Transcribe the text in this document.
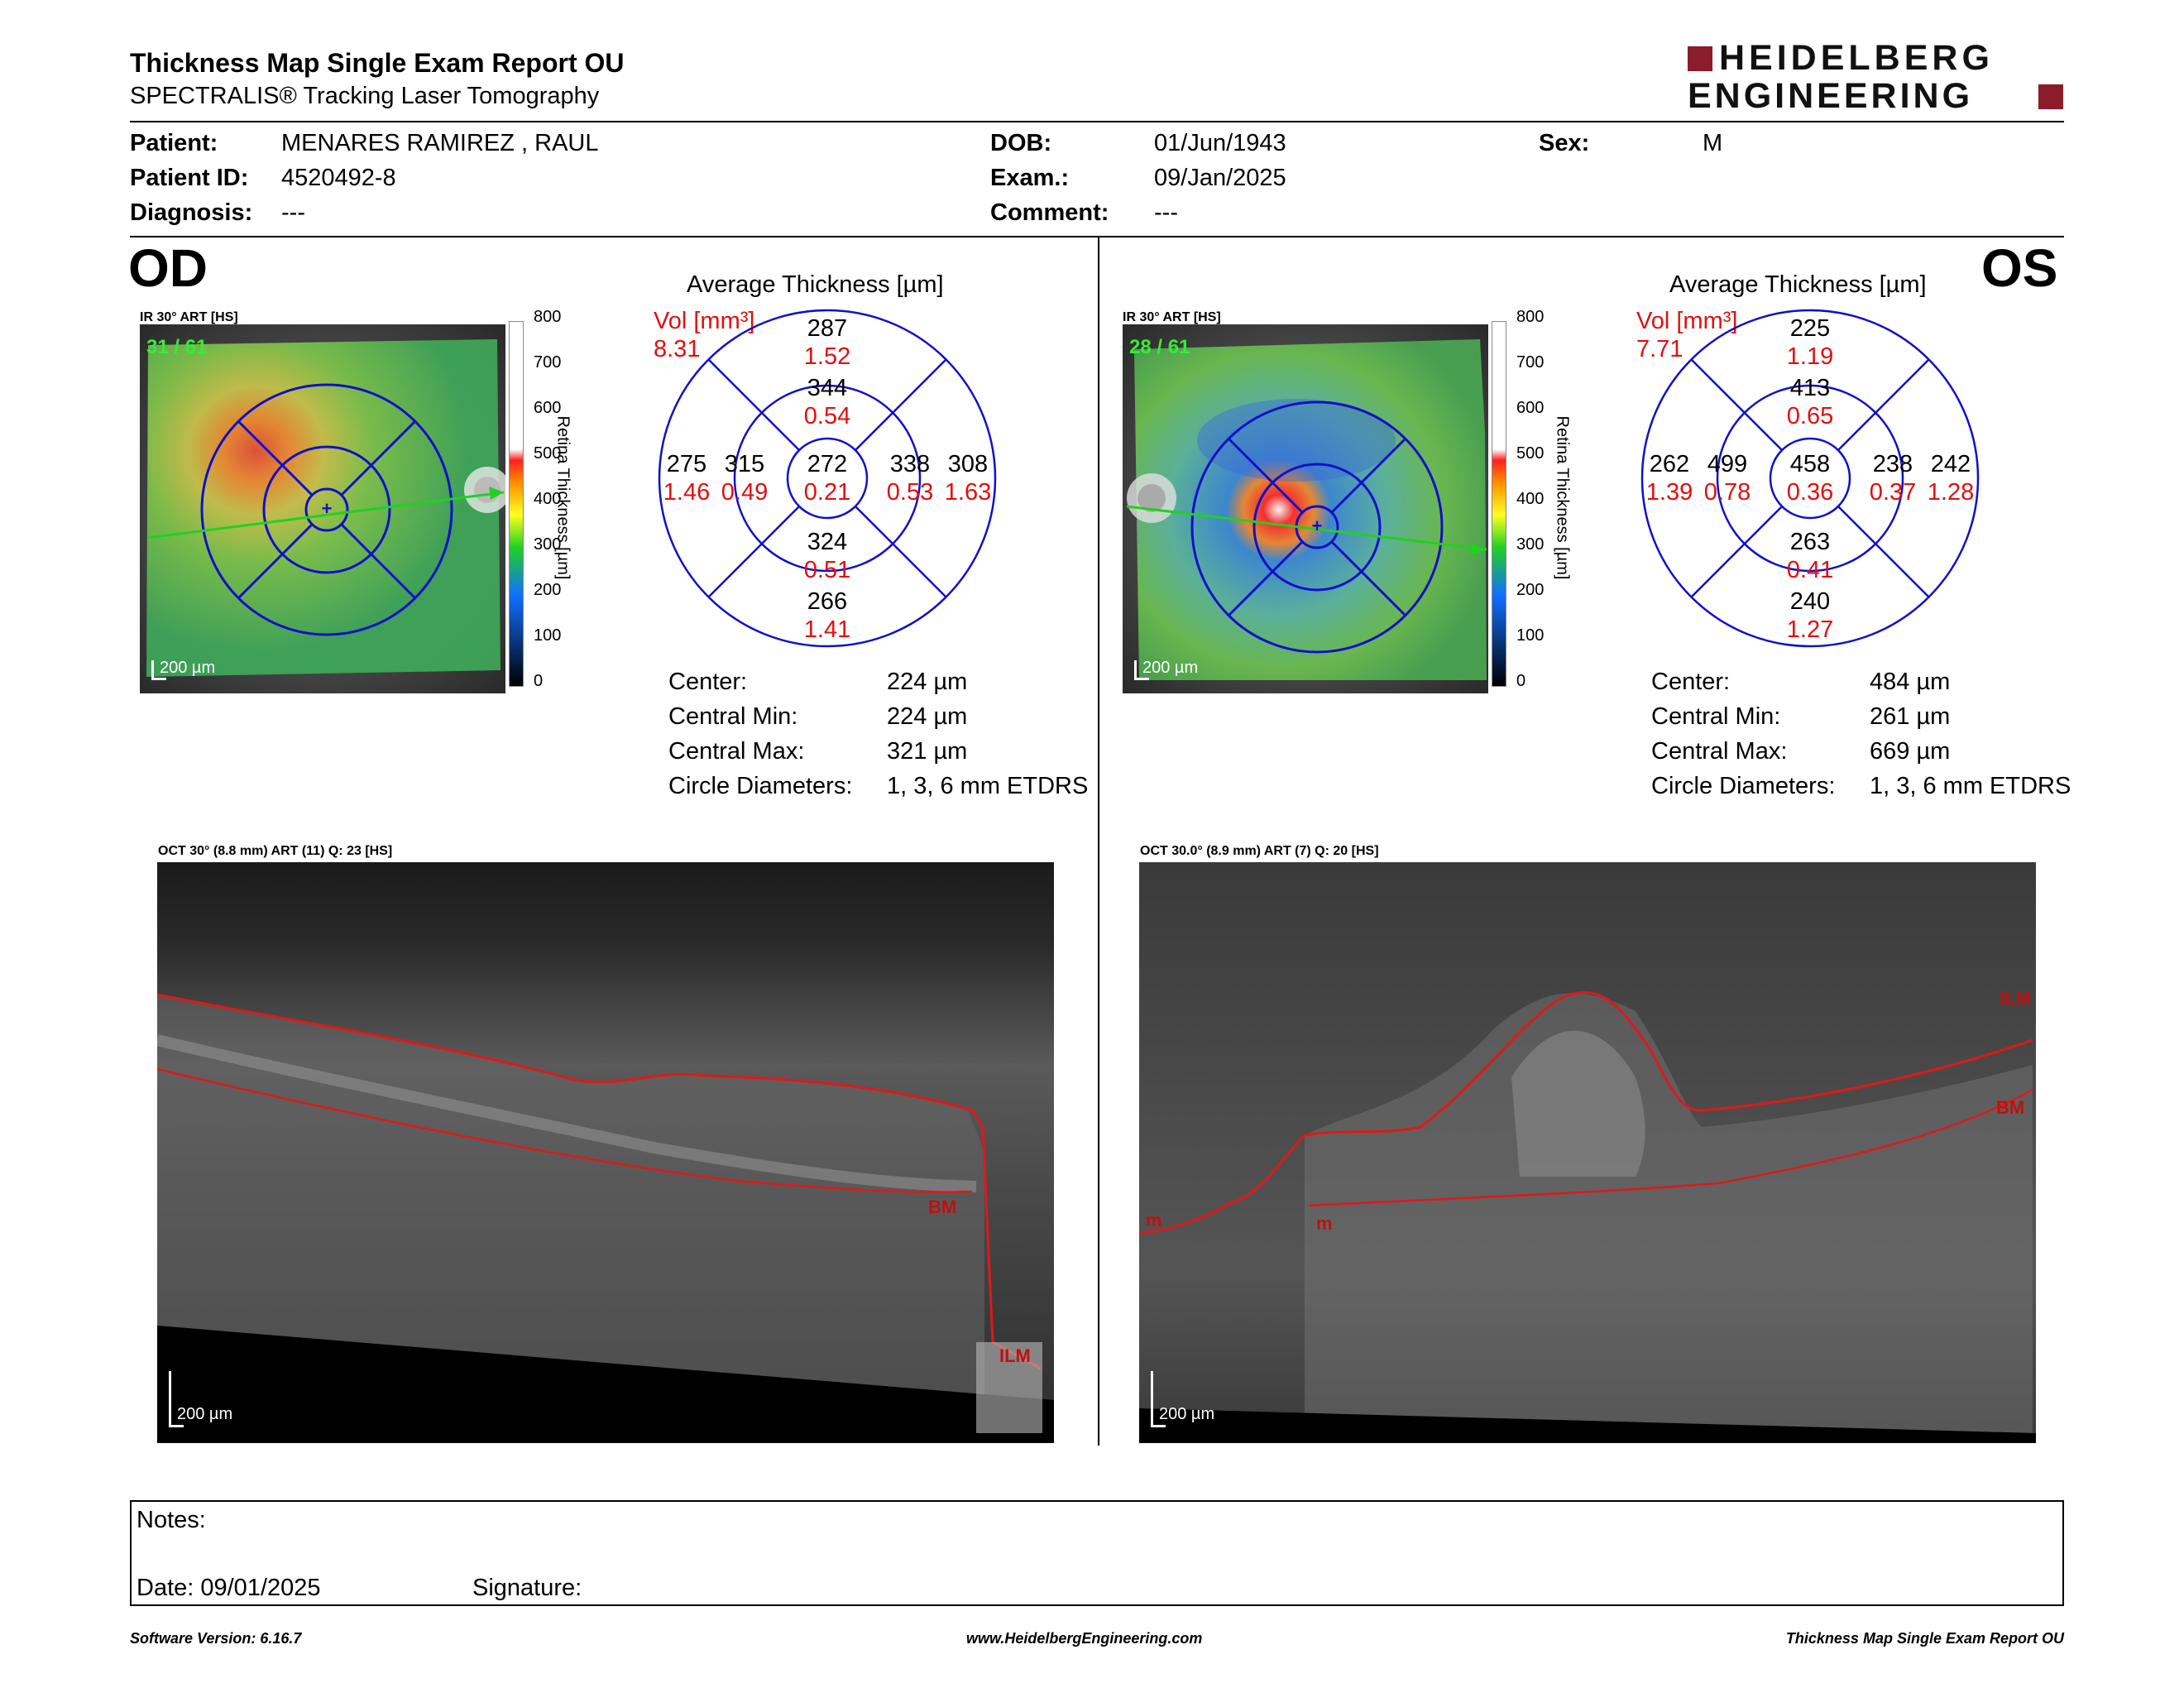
Thickness Map Single Exam Report OU
SPECTRALIS® Tracking Laser Tomography
HEIDELBERG
ENGINEERING
Patient:	MENARES RAMIREZ , RAUL
Patient ID: 4520492-8
Diagnosis: ---
DOB:	01/Jun/1943
Exam.:	09/Jan/2025
Comment: ---
Sex:	M
OD
IR 30° ART [HS]
+
31 / 61
200 µm
800
700
600
500
400
300
200
100
0
Retina Thickness [µm]
Average Thickness [µm]
Vol [mm³]
8.31
287
1.52
344
0.54
275
1.46
315
0.49
272
0.21
338
0.53
308
1.63
324
0.51
266
1.41
Center:	224 µm
Central Min:	224 µm
Central Max:	321 µm
Circle Diameters: 1, 3, 6 mm ETDRS
OS
IR 30° ART [HS]
+
28 / 61
200 µm
800
700
600
500
400
300
200
100
0
Retina Thickness [µm]
Average Thickness [µm]
Vol [mm³]
7.71
225
1.19
413
0.65
262
1.39
499
0.78
458
0.36
238
0.37
242
1.28
263
0.41
240
1.27
Center:	484 µm
Central Min:	261 µm
Central Max:	669 µm
Circle Diameters: 1, 3, 6 mm ETDRS
OCT 30° (8.8 mm) ART (11) Q: 23 [HS]
BM
ILM
200 µm
OCT 30.0° (8.9 mm) ART (7) Q: 20 [HS]
ILM
BM
m	m
200 µm
Notes:
Date: 09/01/2025	Signature:
Software Version: 6.16.7	www.HeidelbergEngineering.com	Thickness Map Single Exam Report OU
